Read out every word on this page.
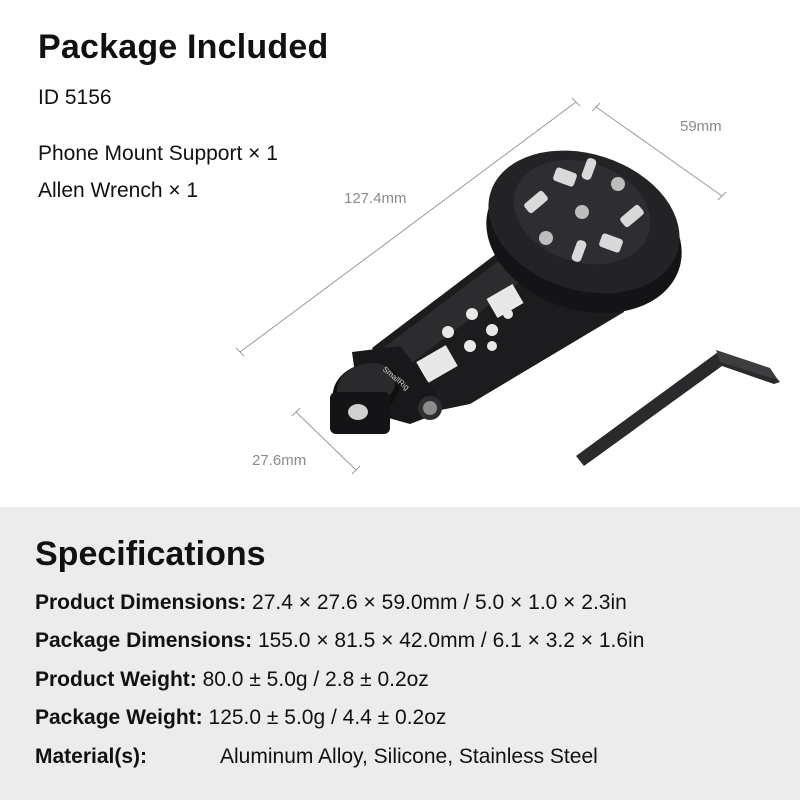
Package Included
ID 5156
Phone Mount Support × 1
Allen Wrench × 1
SmallRig
127.4mm
59mm
27.6mm
Specifications
Product Dimensions: 27.4 × 27.6 × 59.0mm / 5.0 × 1.0 × 2.3in
Package Dimensions: 155.0 × 81.5 × 42.0mm / 6.1 × 3.2 × 1.6in
Product Weight: 80.0 ± 5.0g / 2.8 ± 0.2oz
Package Weight: 125.0 ± 5.0g / 4.4 ± 0.2oz
Material(s):	Aluminum Alloy, Silicone, Stainless Steel
